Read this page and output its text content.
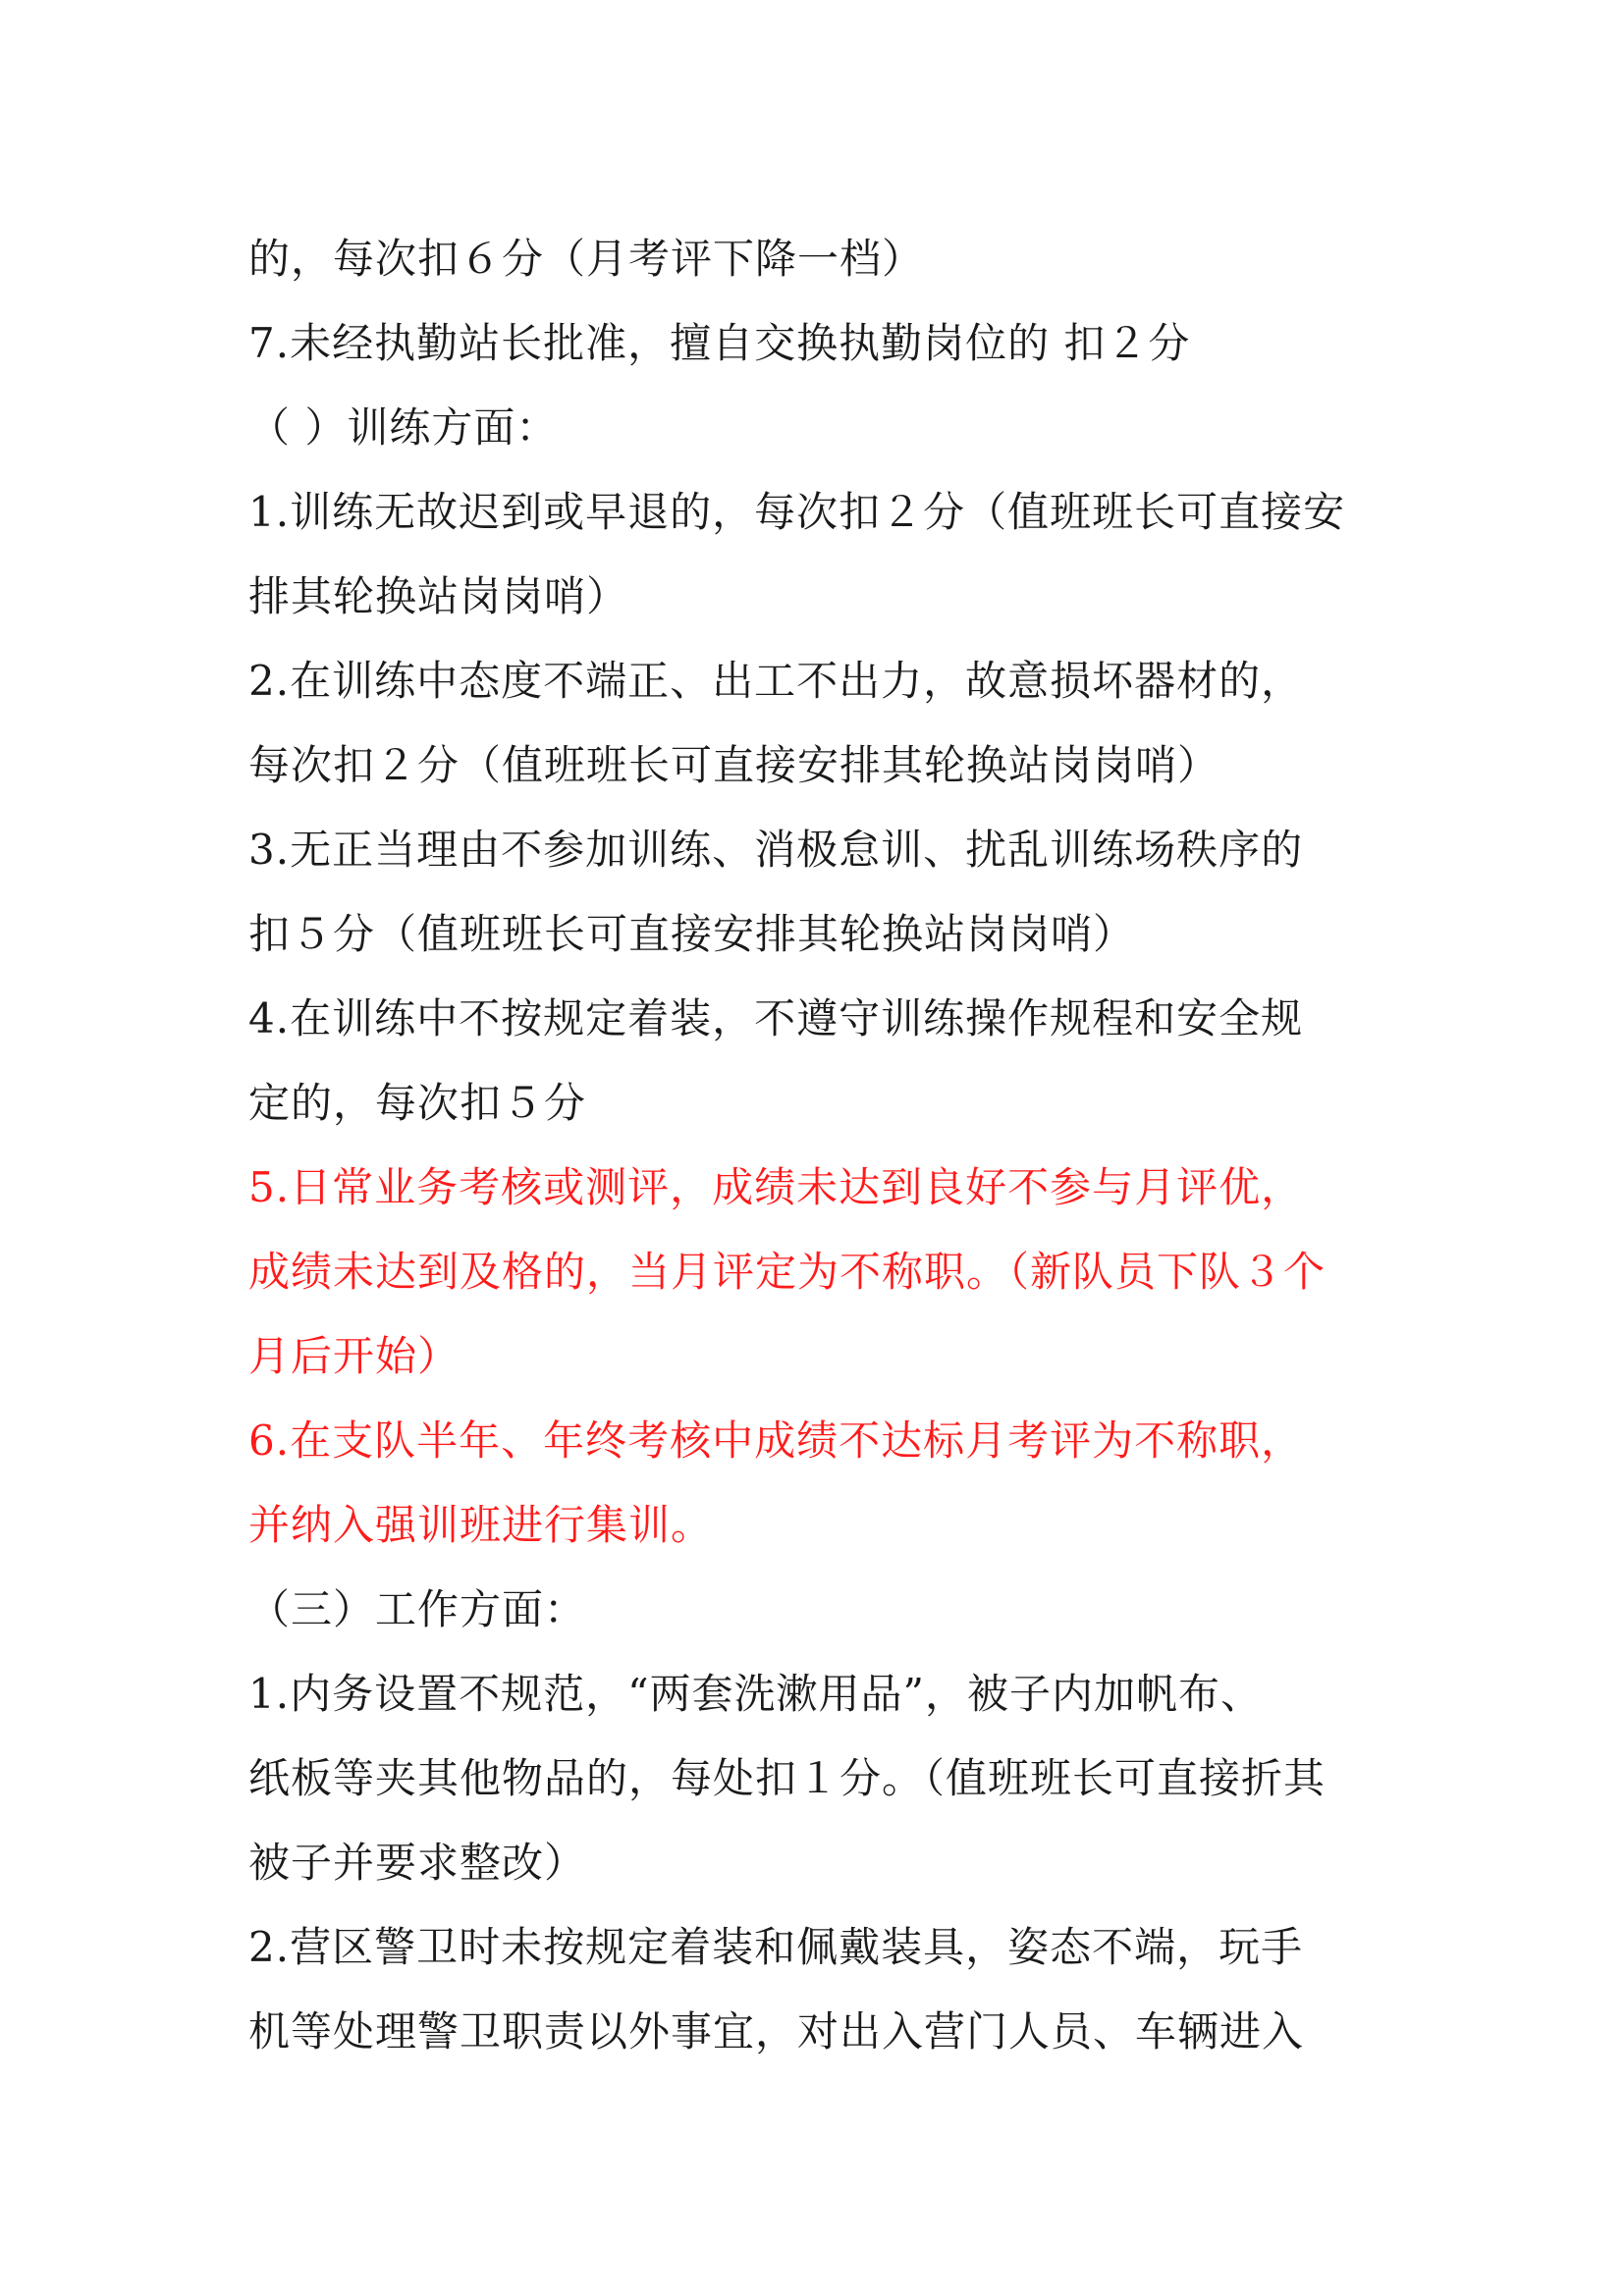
的，每次扣６分（月考评下降一档）
7.未经执勤站长批准，擅自交换执勤岗位的 扣２分
（ ）训练方面：
1.训练无故迟到或早退的，每次扣２分（值班班长可直接安
排其轮换站岗岗哨）
2.在训练中态度不端正、出工不出力，故意损坏器材的，
每次扣２分（值班班长可直接安排其轮换站岗岗哨）
3.无正当理由不参加训练、消极怠训、扰乱训练场秩序的
扣５分（值班班长可直接安排其轮换站岗岗哨）
4.在训练中不按规定着装，不遵守训练操作规程和安全规
定的，每次扣５分
5.日常业务考核或测评，成绩未达到良好不参与月评优，
成绩未达到及格的，当月评定为不称职。（新队员下队３个
月后开始）
6.在支队半年、年终考核中成绩不达标月考评为不称职，
并纳入强训班进行集训。
（三）工作方面：
1.内务设置不规范，“两套洗漱用品”，被子内加帆布、
纸板等夹其他物品的，每处扣１分。（值班班长可直接折其
被子并要求整改）
2.营区警卫时未按规定着装和佩戴装具，姿态不端，玩手
机等处理警卫职责以外事宜，对出入营门人员、车辆进入
